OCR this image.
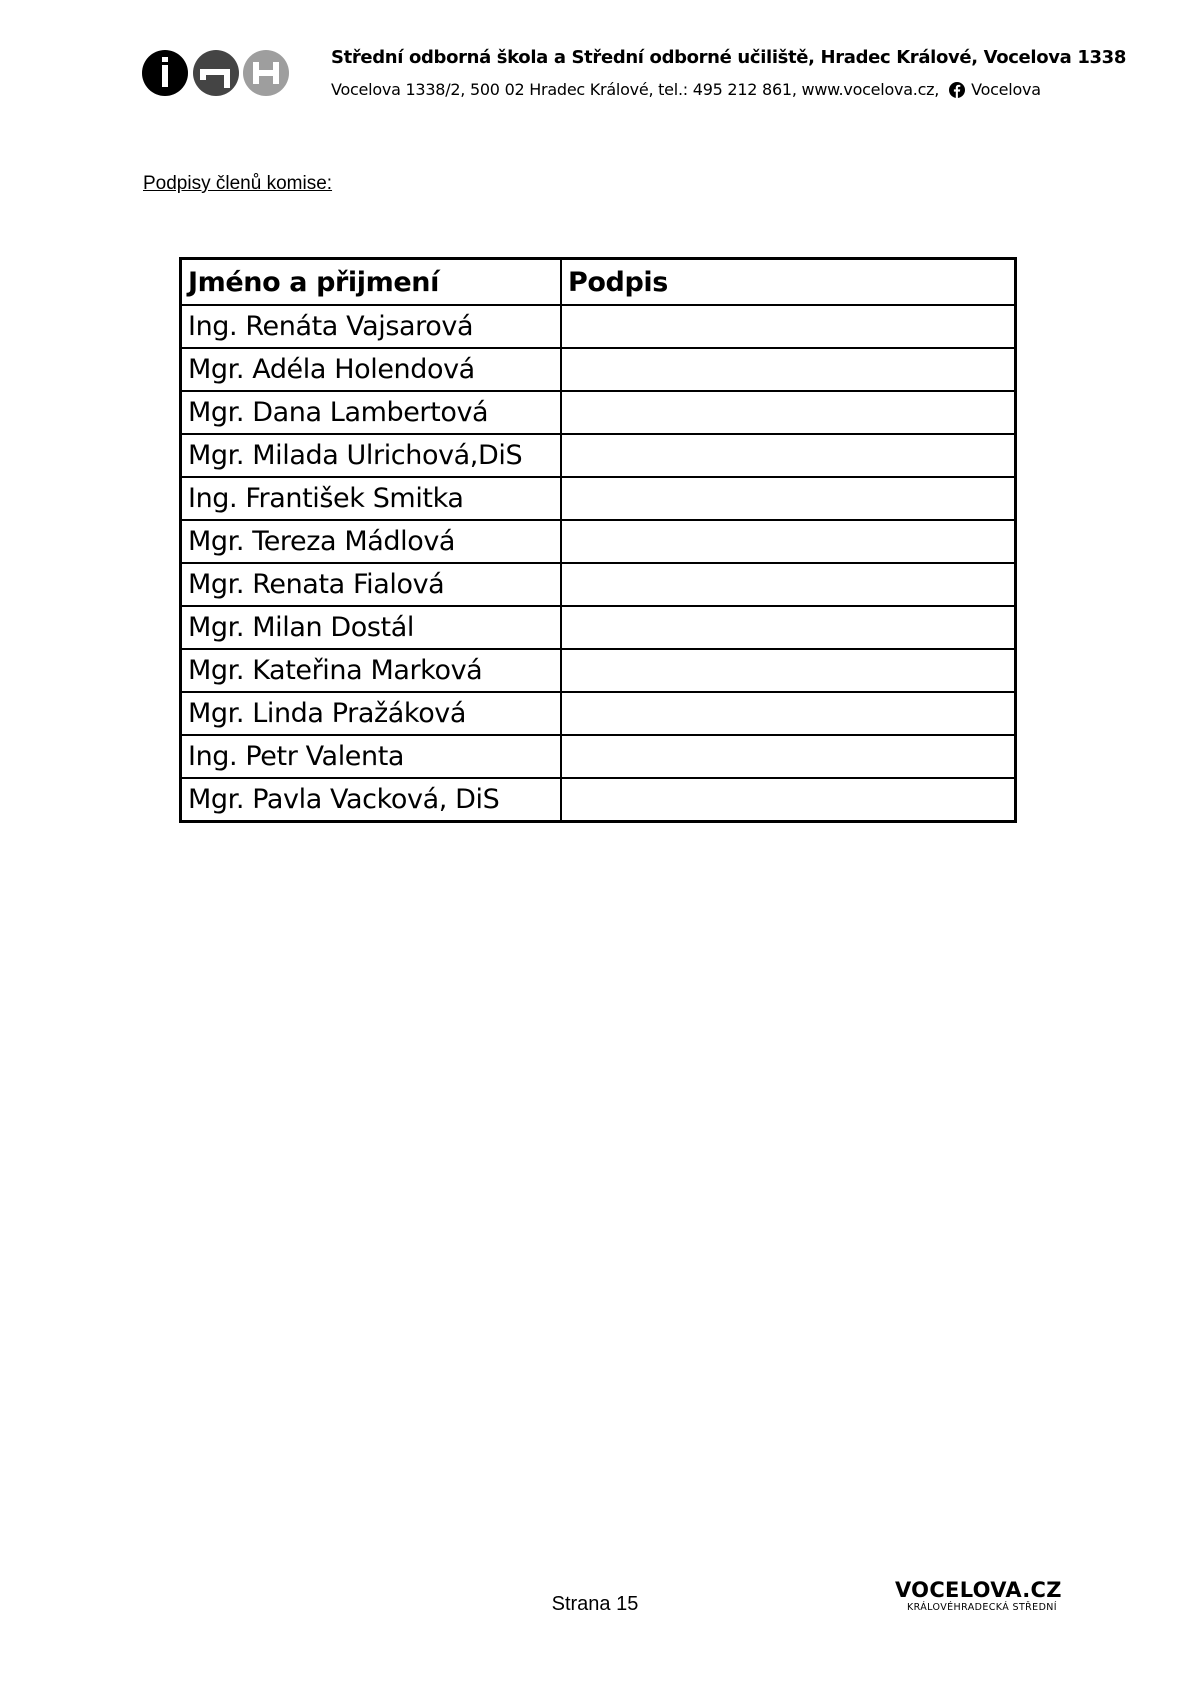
Střední odborná škola a Střední odborné učiliště, Hradec Králové, Vocelova 1338
Vocelova 1338/2, 500 02 Hradec Králové, tel.: 495 212 861, www.vocelova.cz, Vocelova
Podpisy členů komise:
Jméno a přijmení	Podpis
Ing. Renáta Vajsarová	
Mgr. Adéla Holendová	
Mgr. Dana Lambertová	
Mgr. Milada Ulrichová,DiS	
Ing. František Smitka	
Mgr. Tereza Mádlová	
Mgr. Renata Fialová	
Mgr. Milan Dostál	
Mgr. Kateřina Marková	
Mgr. Linda Pražáková	
Ing. Petr Valenta	
Mgr. Pavla Vacková, DiS	
Strana 15
VOCELOVA.CZ
KRÁLOVÉHRADECKÁ STŘEDNÍ
